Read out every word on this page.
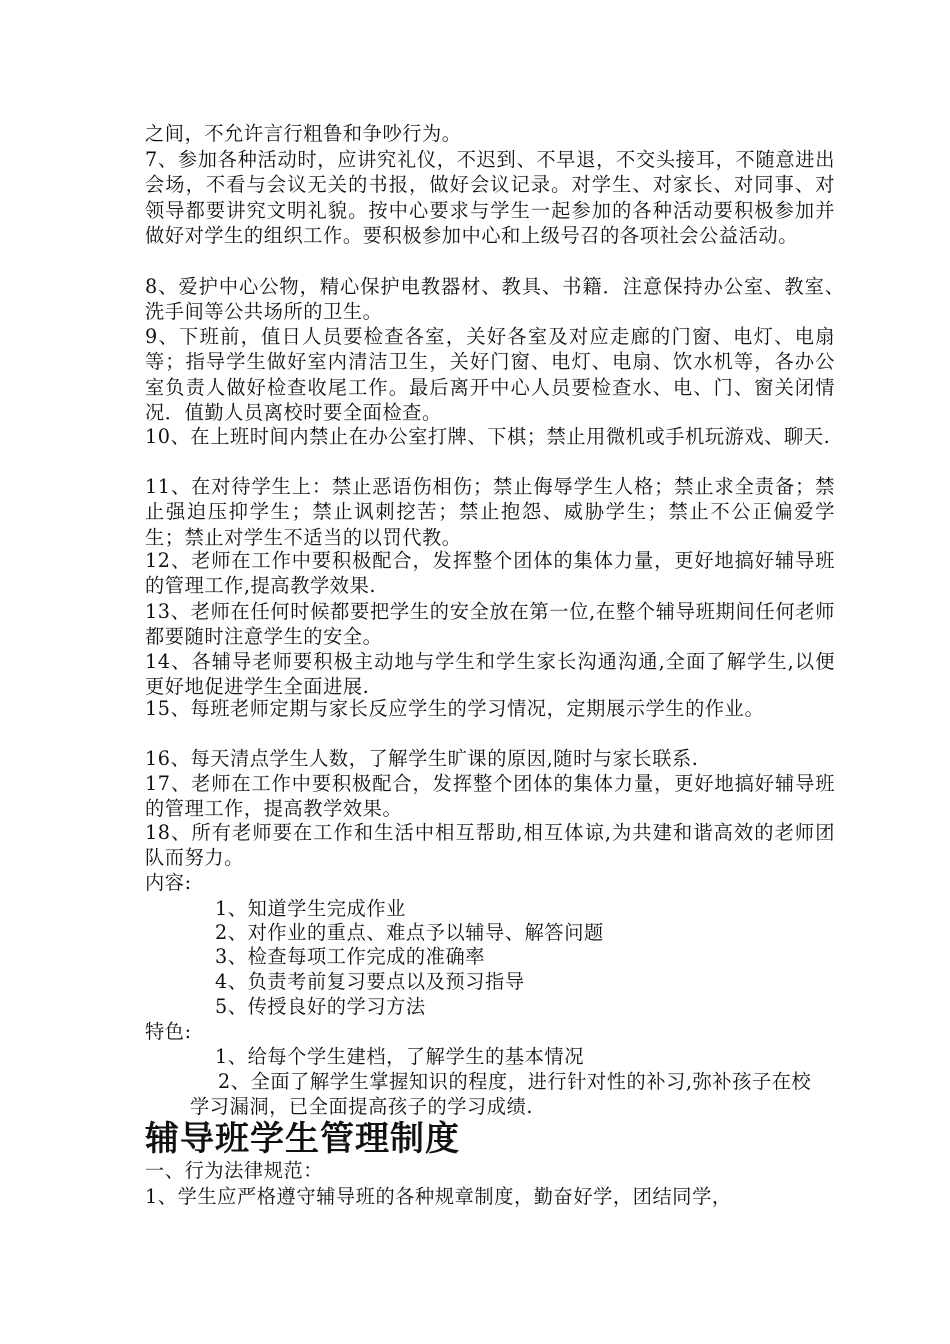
之间，不允许言行粗鲁和争吵行为。

7、参加各种活动时，应讲究礼仪，不迟到、不早退，不交头接耳，不随意进出会场，不看与会议无关的书报，做好会议记录。对学生、对家长、对同事、对领导都要讲究文明礼貌。按中心要求与学生一起参加的各种活动要积极参加并做好对学生的组织工作。要积极参加中心和上级号召的各项社会公益活动。

8、爱护中心公物，精心保护电教器材、教具、书籍．注意保持办公室、教室、　洗手间等公共场所的卫生。

9、下班前，值日人员要检查各室，关好各室及对应走廊的门窗、电灯、电扇等；指导学生做好室内清洁卫生，关好门窗、电灯、电扇、饮水机等，各办公室负责人做好检查收尾工作。最后离开中心人员要检查水、电、门、窗关闭情况．值勤人员离校时要全面检查。

10、在上班时间内禁止在办公室打牌、下棋；禁止用微机或手机玩游戏、聊天.

11、在对待学生上：禁止恶语伤相伤；禁止侮辱学生人格；禁止求全责备；禁止强迫压抑学生；禁止讽刺挖苦；禁止抱怨、威胁学生；禁止不公正偏爱学生；禁止对学生不适当的以罚代教。

12、老师在工作中要积极配合，发挥整个团体的集体力量，更好地搞好辅导班的管理工作,提高教学效果.

13、老师在任何时候都要把学生的安全放在第一位,在整个辅导班期间任何老师都要随时注意学生的安全。

14、各辅导老师要积极主动地与学生和学生家长沟通沟通,全面了解学生,以便更好地促进学生全面进展.

15、每班老师定期与家长反应学生的学习情况，定期展示学生的作业。

16、每天清点学生人数，了解学生旷课的原因,随时与家长联系.

17、老师在工作中要积极配合，发挥整个团体的集体力量，更好地搞好辅导班的管理工作，提高教学效果。

18、所有老师要在工作和生活中相互帮助,相互体谅,为共建和谐高效的老师团队而努力。

内容:
1、知道学生完成作业
2、对作业的重点、难点予以辅导、解答问题
3、检查每项工作完成的准确率
4、负责考前复习要点以及预习指导
5、传授良好的学习方法
特色:
1、给每个学生建档，了解学生的基本情况
2、全面了解学生掌握知识的程度，进行针对性的补习,弥补孩子在校学习漏洞，已全面提高孩子的学习成绩.
辅导班学生管理制度
一、行为法律规范：
1、学生应严格遵守辅导班的各种规章制度，勤奋好学，团结同学，
